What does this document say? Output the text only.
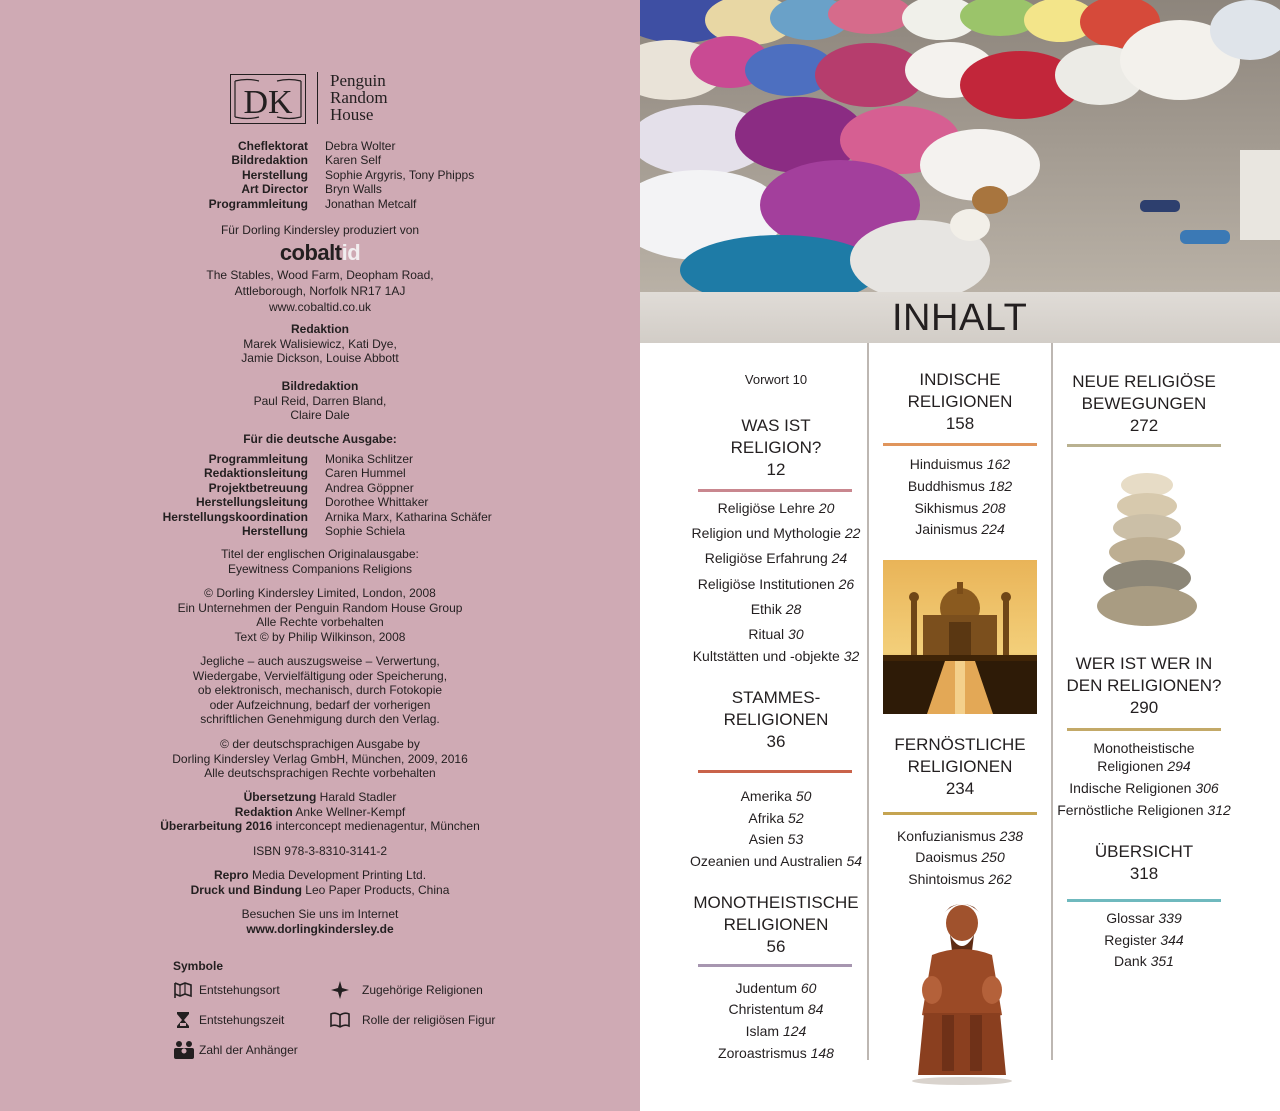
DK
Penguin
Random
House
Cheflektorat Debra Wolter
Bildredaktion Karen Self
Herstellung Sophie Argyris, Tony Phipps
Art Director Bryn Walls
Programmleitung Jonathan Metcalf
Für Dorling Kindersley produziert von
cobaltid
The Stables, Wood Farm, Deopham Road,
Attleborough, Norfolk NR17 1AJ
www.cobaltid.co.uk
Redaktion
Marek Walisiewicz, Kati Dye,
Jamie Dickson, Louise Abbott
Bildredaktion
Paul Reid, Darren Bland,
Claire Dale
Für die deutsche Ausgabe:
Programmleitung Monika Schlitzer
Redaktionsleitung Caren Hummel
Projektbetreuung Andrea Göppner
Herstellungsleitung Dorothee Whittaker
Herstellungskoordination Arnika Marx, Katharina Schäfer
Herstellung Sophie Schiela
Titel der englischen Originalausgabe:
Eyewitness Companions Religions
© Dorling Kindersley Limited, London, 2008
Ein Unternehmen der Penguin Random House Group
Alle Rechte vorbehalten
Text © by Philip Wilkinson, 2008
Jegliche – auch auszugsweise – Verwertung,
Wiedergabe, Vervielfältigung oder Speicherung,
ob elektronisch, mechanisch, durch Fotokopie
oder Aufzeichnung, bedarf der vorherigen
schriftlichen Genehmigung durch den Verlag.
© der deutschsprachigen Ausgabe by
Dorling Kindersley Verlag GmbH, München, 2009, 2016
Alle deutschsprachigen Rechte vorbehalten
Übersetzung Harald Stadler
Redaktion Anke Wellner-Kempf
Überarbeitung 2016 interconcept medienagentur, München
ISBN 978-3-8310-3141-2
Repro Media Development Printing Ltd.
Druck und Bindung Leo Paper Products, China
Besuchen Sie uns im Internet
www.dorlingkindersley.de
Symbole
Entstehungsort	Zugehörige Religionen
Entstehungszeit	Rolle der religiösen Figur
Zahl der Anhänger
INHALT
Vorwort 10
WAS IST
RELIGION?
12
Religiöse Lehre 20
Religion und Mythologie 22
Religiöse Erfahrung 24
Religiöse Institutionen 26
Ethik 28
Ritual 30
Kultstätten und -objekte 32
STAMMES-
RELIGIONEN
36
Amerika 50
Afrika 52
Asien 53
Ozeanien und Australien 54
MONOTHEISTISCHE
RELIGIONEN
56
Judentum 60
Christentum 84
Islam 124
Zoroastrismus 148
INDISCHE
RELIGIONEN
158
Hinduismus 162
Buddhismus 182
Sikhismus 208
Jainismus 224
FERNÖSTLICHE
RELIGIONEN
234
Konfuzianismus 238
Daoismus 250
Shintoismus 262
NEUE RELIGIÖSE
BEWEGUNGEN
272
WER IST WER IN
DEN RELIGIONEN?
290
Monotheistische
Religionen 294
Indische Religionen 306
Fernöstliche Religionen 312
ÜBERSICHT
318
Glossar 339
Register 344
Dank 351
